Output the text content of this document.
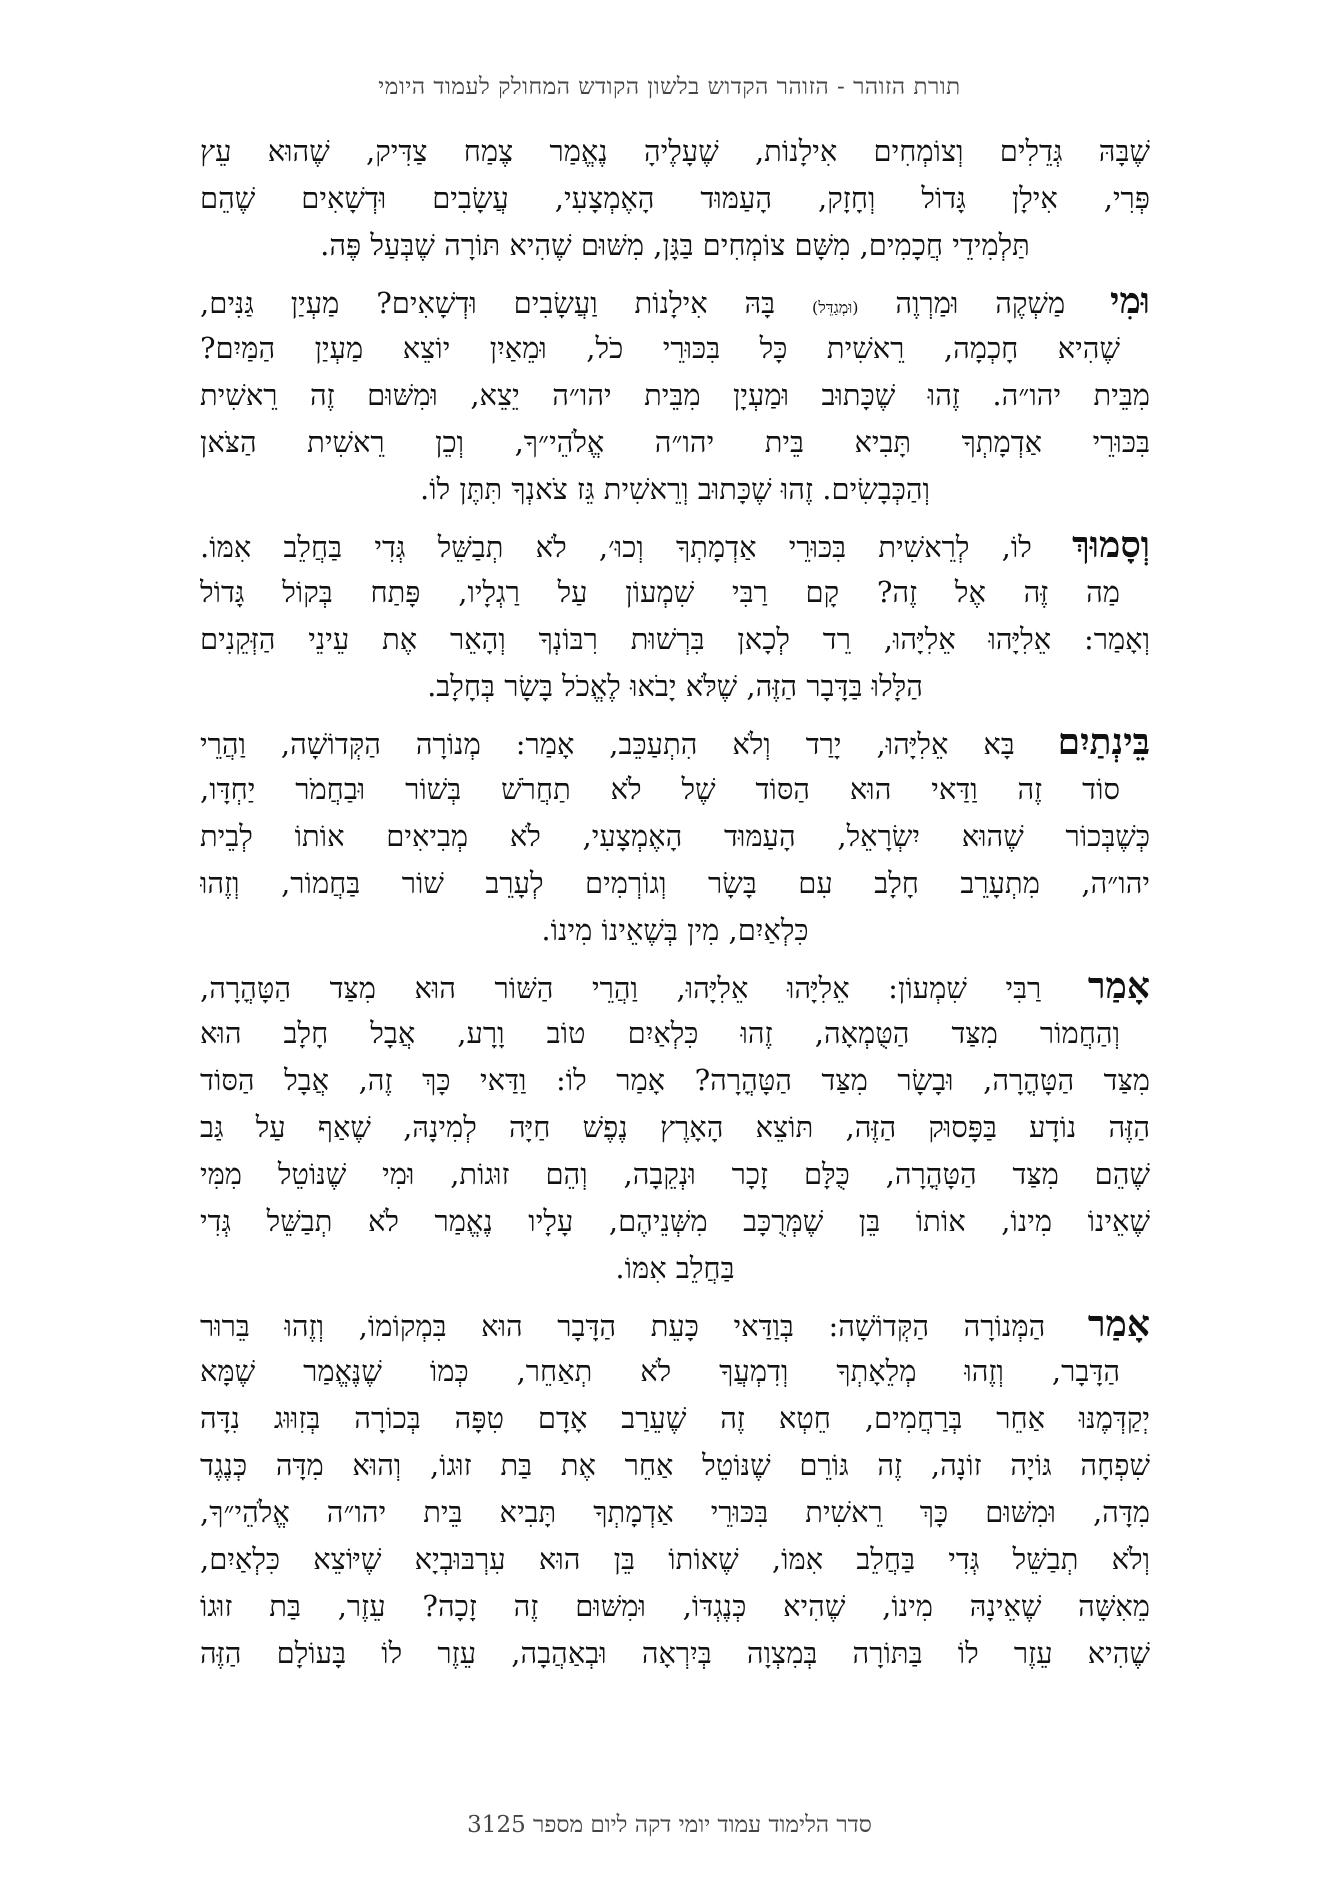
תורת הזוהר - הזוהר הקדוש בלשון הקודש המחולק לעמוד היומי
שֶׁבָּהּ גְּדֵלִים וְצוֹמְחִים אִילָנוֹת, שֶׁעָלֶיהָ נֶאֱמַר צֶמַח צַדִּיק, שֶׁהוּא עֵץ
פְּרִי, אִילָן גָּדוֹל וְחָזָק, הָעַמּוּד הָאֶמְצָעִי, עֲשָׂבִים וּדְשָׁאִים שֶׁהֵם
תַּלְמִידֵי חֲכָמִים, מִשָּׁם צוֹמְחִים בַּגָּן, מִשּׁוּם שֶׁהִיא תּוֹרָה שֶׁבְּעַל פֶּה.
וּמִי מַשְׁקֶה וּמַרְוֶה (וּמְגַדֵּל) בָּהּ אִילָנוֹת וַעֲשָׂבִים וּדְשָׁאִים? מַעְיַן גַּנִּים,
שֶׁהִיא חָכְמָה, רֵאשִׁית כָּל בִּכּוּרֵי כֹל, וּמֵאַיִן יוֹצֵא מַעְיַן הַמַּיִם?
מִבֵּית יהו״ה. זֶהוּ שֶׁכָּתוּב וּמַעְיָן מִבֵּית יהו״ה יֵצֵא, וּמִשּׁוּם זֶה רֵאשִׁית
בִּכּוּרֵי אַדְמָתְךָ תָּבִיא בֵּית יהו״ה אֱלֹהֵי״ךָ, וְכֵן רֵאשִׁית הַצֹּאן
וְהַכְּבָשִׂים. זֶהוּ שֶׁכָּתוּב וְרֵאשִׁית גֵּז צֹאנְךָ תִּתֶּן לוֹ.
וְסָמוּךְ לוֹ, לְרֵאשִׁית בִּכּוּרֵי אַדְמָתְךָ וְכוּ׳, לֹא תְבַשֵּׁל גְּדִי בַּחֲלֵב אִמּוֹ.
מַה זֶּה אֶל זֶה? קָם רַבִּי שִׁמְעוֹן עַל רַגְלָיו, פָּתַח בְּקוֹל גָּדוֹל
וְאָמַר: אֵלִיָּהוּ אֵלִיָּהוּ, רֵד לְכָאן בִּרְשׁוּת רִבּוֹנְךָ וְהָאֵר אֶת עֵינֵי הַזְּקֵנִים
הַלָּלוּ בַּדָּבָר הַזֶּה, שֶׁלֹּא יָבֹאוּ לֶאֱכֹל בָּשָׂר בְּחָלָב.
בֵּינְתַיִם בָּא אֵלִיָּהוּ, יָרַד וְלֹא הִתְעַכֵּב, אָמַר: מְנוֹרָה הַקְּדוֹשָׁה, וַהֲרֵי
סוֹד זֶה וַדַּאי הוּא הַסּוֹד שֶׁל לֹא תַחֲרֹשׁ בְּשׁוֹר וּבַחֲמֹר יַחְדָּו,
כְּשֶׁבְּכוֹר שֶׁהוּא יִשְׂרָאֵל, הָעַמּוּד הָאֶמְצָעִי, לֹא מְבִיאִים אוֹתוֹ לְבֵית
יהו״ה, מִתְעָרֵב חָלָב עִם בָּשָׂר וְגוֹרְמִים לְעָרֵב שׁוֹר בַּחֲמוֹר, וְזֶהוּ
כִּלְאַיִם, מִין בְּשֶׁאֵינוֹ מִינוֹ.
אָמַר רַבִּי שִׁמְעוֹן: אֵלִיָּהוּ אֵלִיָּהוּ, וַהֲרֵי הַשּׁוֹר הוּא מִצַּד הַטָּהֳרָה,
וְהַחֲמוֹר מִצַּד הַטֻּמְאָה, זֶהוּ כִּלְאַיִם טוֹב וָרָע, אֲבָל חָלָב הוּא
מִצַּד הַטָּהֳרָה, וּבָשָׂר מִצַּד הַטָּהֳרָה? אָמַר לוֹ: וַדַּאי כָּךְ זֶה, אֲבָל הַסּוֹד
הַזֶּה נוֹדָע בַּפָּסוּק הַזֶּה, תּוֹצֵא הָאָרֶץ נֶפֶשׁ חַיָּה לְמִינָהּ, שֶׁאַף עַל גַּב
שֶׁהֵם מִצַּד הַטָּהֳרָה, כֻּלָּם זָכָר וּנְקֵבָה, וְהֵם זוּגוֹת, וּמִי שֶׁנּוֹטֵל מִמִּי
שֶׁאֵינוֹ מִינוֹ, אוֹתוֹ בֵּן שֶׁמְּרֻכָּב מִשְּׁנֵיהֶם, עָלָיו נֶאֱמַר לֹא תְבַשֵּׁל גְּדִי
בַּחֲלֵב אִמּוֹ.
אָמַר הַמְּנוֹרָה הַקְּדוֹשָׁה: בְּוַדַּאי כָּעֵת הַדָּבָר הוּא בִּמְקוֹמוֹ, וְזֶהוּ בֵּרוּר
הַדָּבָר, וְזֶהוּ מְלֵאָתְךָ וְדִמְעֲךָ לֹא תְאַחֵר, כְּמוֹ שֶׁנֶּאֱמַר שֶׁמָּא
יְקַדְּמֶנּוּ אַחֵר בְּרַחֲמִים, חֵטְא זֶה שֶׁעֵרַב אָדָם טִפָּה בְּכוֹרָה בְּזִוּוּג נִדָּה
שִׁפְחָה גּוֹיָה זוֹנָה, זֶה גּוֹרֵם שֶׁנּוֹטֵל אַחֵר אֶת בַּת זוּגוֹ, וְהוּא מִדָּה כְּנֶגֶד
מִדָּה, וּמִשּׁוּם כָּךְ רֵאשִׁית בִּכּוּרֵי אַדְמָתְךָ תָּבִיא בֵּית יהו״ה אֱלֹהֵי״ךָ,
וְלֹא תְבַשֵּׁל גְּדִי בַּחֲלֵב אִמּוֹ, שֶׁאוֹתוֹ בֵּן הוּא עִרְבּוּבְיָא שֶׁיּוֹצֵא כִּלְאַיִם,
מֵאִשָּׁה שֶׁאֵינָהּ מִינוֹ, שֶׁהִיא כְּנֶגְדּוֹ, וּמִשּׁוּם זֶה זָכָה? עֵזֶר, בַּת זוּגוֹ
שֶׁהִיא עֵזֶר לוֹ בַּתּוֹרָה בְּמִצְוָה בְּיִרְאָה וּבְאַהֲבָה, עֵזֶר לוֹ בָּעוֹלָם הַזֶּה
סדר הלימוד עמוד יומי דקה ליום מספר 3125
